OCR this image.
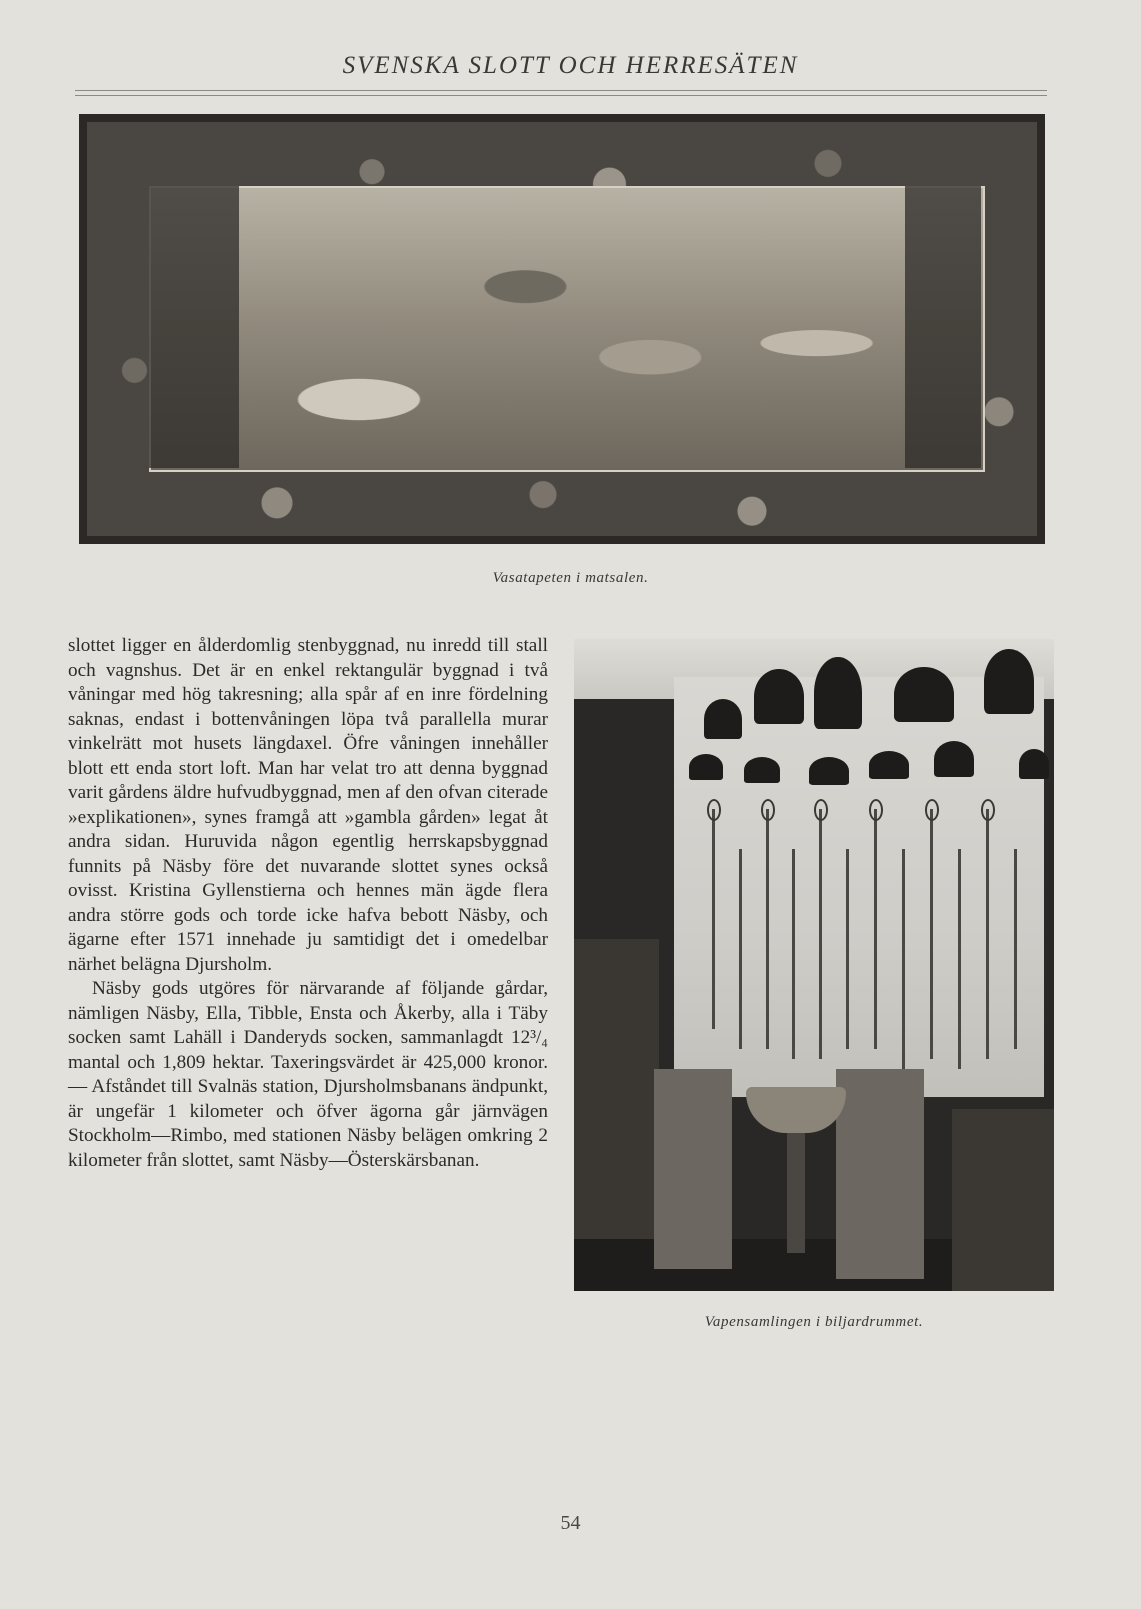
SVENSKA SLOTT OCH HERRESÄTEN
Vasatapeten i matsalen.

slottet ligger en ålderdomlig stenbyggnad, nu inredd till stall och vagnshus. Det är en enkel rektangulär byggnad i två våningar med hög takresning; alla spår af en inre fördelning saknas, endast i bottenvåningen löpa två parallella murar vinkelrätt mot husets längdaxel. Öfre våningen innehåller blott ett enda stort loft. Man har velat tro att denna byggnad varit gårdens äldre hufvudbyggnad, men af den ofvan citerade »explikationen», synes framgå att »gambla gården» legat åt andra sidan. Huruvida någon egentlig herrskapsbyggnad funnits på Näsby före det nuvarande slottet synes också ovisst. Kristina Gyllenstierna och hennes män ägde flera andra större gods och torde icke hafva bebott Näsby, och ägarne efter 1571 innehade ju samtidigt det i omedelbar närhet belägna Djursholm.

Näsby gods utgöres för närvarande af följande gårdar, nämligen Näsby, Ella, Tibble, Ensta och Åkerby, alla i Täby socken samt Lahäll i Danderyds socken, sammanlagdt 12³/₄ mantal och 1,809 hektar. Taxeringsvärdet är 425,000 kronor. — Afståndet till Svalnäs station, Djursholmsbanans ändpunkt, är ungefär 1 kilometer och öfver ägorna går järnvägen Stockholm—Rimbo, med stationen Näsby belägen omkring 2 kilometer från slottet, samt Näsby—Österskärsbanan.

Vapensamlingen i biljardrummet.
54
